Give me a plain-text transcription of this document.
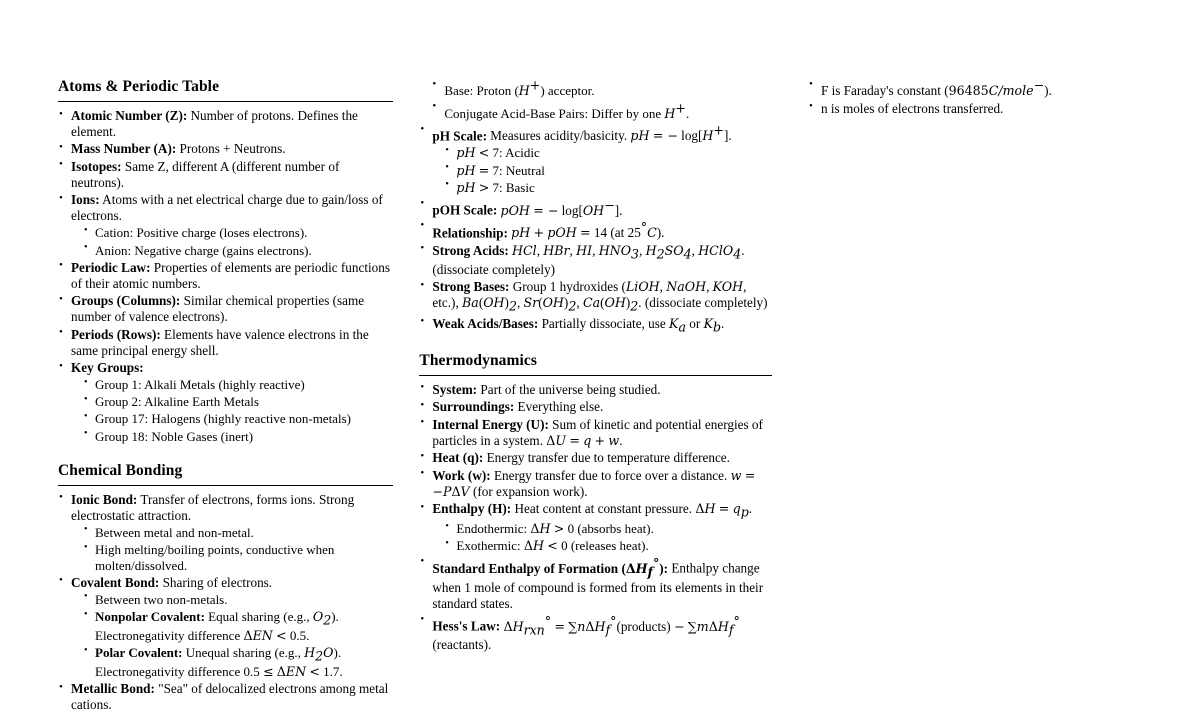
Atoms & Periodic Table
• Atomic Number (Z): Number of protons. Defines the element.
• Mass Number (A): Protons + Neutrons.
• Isotopes: Same Z, different A (different number of neutrons).
• Ions: Atoms with a net electrical charge due to gain/loss of electrons.
• Cation: Positive charge (loses electrons).
• Anion: Negative charge (gains electrons).
• Periodic Law: Properties of elements are periodic functions of their atomic numbers.
• Groups (Columns): Similar chemical properties (same number of valence electrons).
• Periods (Rows): Elements have valence electrons in the same principal energy shell.
• Key Groups:
• Group 1: Alkali Metals (highly reactive)
• Group 2: Alkaline Earth Metals
• Group 17: Halogens (highly reactive non-metals)
• Group 18: Noble Gases (inert)
Chemical Bonding
• Ionic Bond: Transfer of electrons, forms ions. Strong electrostatic attraction.
• Between metal and non-metal.
• High melting/boiling points, conductive when molten/dissolved.
• Covalent Bond: Sharing of electrons.
• Between two non-metals.
• Nonpolar Covalent: Equal sharing (e.g., $O_2$). Electronegativity difference ΔEN < 0.5.
• Polar Covalent: Unequal sharing (e.g., $H_2O$). Electronegativity difference 0.5 ≤ ΔEN < 1.7.
• Metallic Bond: "Sea" of delocalized electrons among metal cations.
• Base: Proton (H+) acceptor.
• Conjugate Acid-Base Pairs: Differ by one H+.
• pH Scale: Measures acidity/basicity. pH = − log[H+].
• pH < 7: Acidic
• pH = 7: Neutral
• pH > 7: Basic
• pOH Scale: pOH = − log[OH−].
• Relationship: pH + pOH = 14 (at 25°C).
• Strong Acids: HCl, HBr, HI, $HNO_3$, $H_2SO_4$, HClO$_4$. (dissociate completely)
• Strong Bases: Group 1 hydroxides (LiOH, NaOH, KOH, etc.), $Ba(OH)_2$, $Sr(OH)_2$, $Ca(OH)_2$. (dissociate completely)
• Weak Acids/Bases: Partially dissociate, use $K_a$ or $K_b$.
Thermodynamics
• System: Part of the universe being studied.
• Surroundings: Everything else.
• Internal Energy (U): Sum of kinetic and potential energies of particles in a system. ΔU = q + w.
• Heat (q): Energy transfer due to temperature difference.
• Work (w): Energy transfer due to force over a distance. w = −PΔV (for expansion work).
• Enthalpy (H): Heat content at constant pressure. $\Delta H = q_p$.
• Endothermic: ΔH > 0 (absorbs heat).
• Exothermic: ΔH < 0 (releases heat).
• Standard Enthalpy of Formation $(\Delta H_f^\circ)$: Enthalpy change when 1 mole of compound is formed from its elements in their standard states.
• Hess's Law: $\Delta H_{rxn}^\circ$ = ∑nΔH$_f$°(products) − ∑mΔH$_f$°(reactants).
• F is Faraday's constant (96485C/mole−).
• n is moles of electrons transferred.
